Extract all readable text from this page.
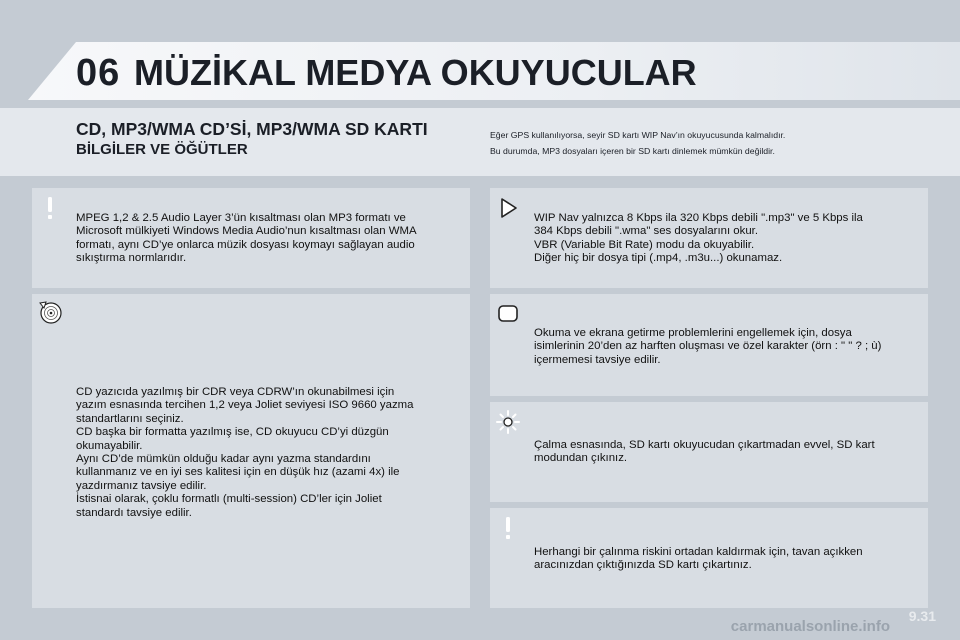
06 MÜZİKAL MEDYA OKUYUCULAR
CD, MP3/WMA CD’Sİ, MP3/WMA SD KARTI
BİLGİLER VE ÖĞÜTLER

Eğer GPS kullanılıyorsa, seyir SD kartı WIP Nav’ın okuyucusunda kalmalıdır.

Bu durumda, MP3 dosyaları içeren bir SD kartı dinlemek mümkün değildir.

MPEG 1,2 & 2.5 Audio Layer 3’ün kısaltması olan MP3 formatı ve
Microsoft mülkiyeti Windows Media Audio’nun kısaltması olan WMA
formatı, aynı CD’ye onlarca müzik dosyası koymayı sağlayan audio
sıkıştırma normlarıdır.
CD yazıcıda yazılmış bir CDR veya CDRW’ın okunabilmesi için
yazım esnasında tercihen 1,2 veya Joliet seviyesi ISO 9660 yazma
standartlarını seçiniz.
CD başka bir formatta yazılmış ise, CD okuyucu CD’yi düzgün
okumayabilir.
Aynı CD’de mümkün olduğu kadar aynı yazma standardını
kullanmanız ve en iyi ses kalitesi için en düşük hız (azami 4x) ile
yazdırmanız tavsiye edilir.
İstisnai olarak, çoklu formatlı (multi-session) CD’ler için Joliet
standardı tavsiye edilir.
WIP Nav yalnızca 8 Kbps ila 320 Kbps debili ".mp3" ve 5 Kbps ila
384 Kbps debili ".wma" ses dosyalarını okur.
VBR (Variable Bit Rate) modu da okuyabilir.
Diğer hiç bir dosya tipi (.mp4, .m3u...) okunamaz.
Okuma ve ekrana getirme problemlerini engellemek için, dosya
isimlerinin 20’den az harften oluşması ve özel karakter (örn : " " ? ; ù)
içermemesi tavsiye edilir.
Çalma esnasında, SD kartı okuyucudan çıkartmadan evvel, SD kart
modundan çıkınız.
Herhangi bir çalınma riskini ortadan kaldırmak için, tavan açıkken
aracınızdan çıktığınızda SD kartı çıkartınız.
9.31
carmanualsonline.info
